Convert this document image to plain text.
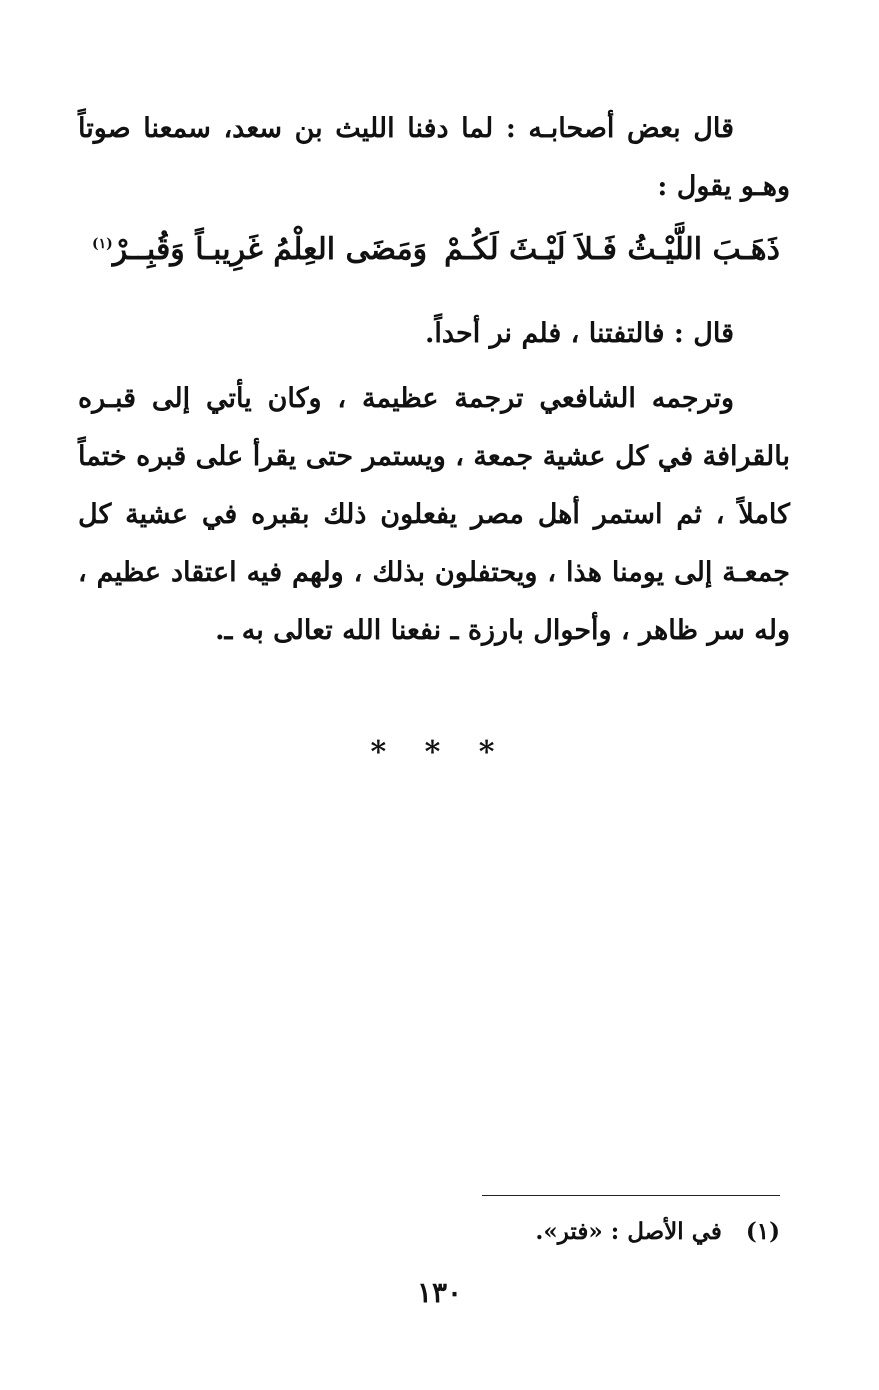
قال بعض أصحابـه : لما دفنا الليث بن سعد، سمعنا صوتاً وهـو يقول :

ذَهَـبَ اللَّيْـثُ فَـلاَ لَيْـثَ لَكُـمْ
وَمَضَى العِلْمُ غَرِيبـاً وَقُبِــرْ$^{(١)}$

قال : فالتفتنا ، فلم نر أحداً.

وترجمه الشافعي ترجمة عظيمة ، وكان يأتي إلى قبـره بالقرافة في كل عشية جمعة ، ويستمر حتى يقرأ على قبره ختماً كاملاً ، ثم استمر أهل مصر يفعلون ذلك بقبره في عشية كل جمعـة إلى يومنا هذا ، ويحتفلون بذلك ، ولهم فيه اعتقاد عظيم ، وله سر ظاهر ، وأحوال بارزة ـ نفعنا الله تعالى به ـ.

* * *
(١)في الأصل : «فتر».
١٣٠
